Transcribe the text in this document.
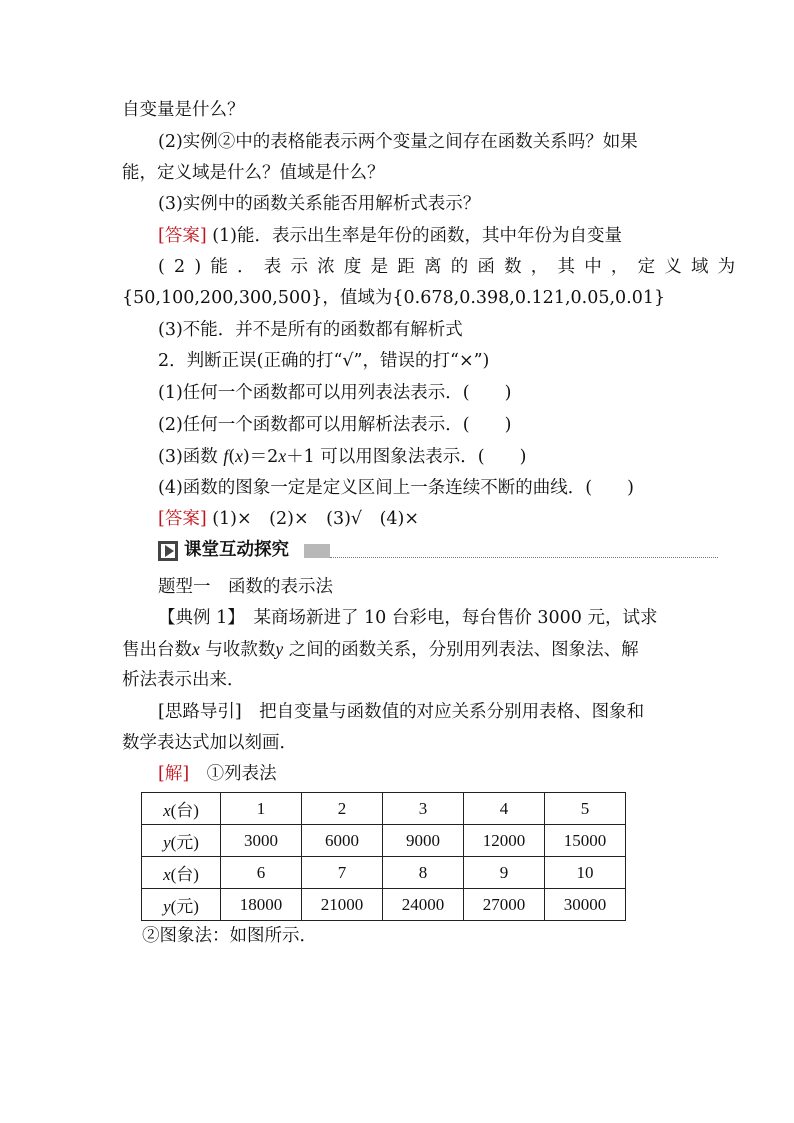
自变量是什么？
(2)实例②中的表格能表示两个变量之间存在函数关系吗？如果
能，定义域是什么？值域是什么？
(3)实例中的函数关系能否用解析式表示？
[答案] (1)能．表示出生率是年份的函数，其中年份为自变量
(2)能．表示浓度是距离的函数，其中，定义域为
{50,100,200,300,500}，值域为{0.678,0.398,0.121,0.05,0.01}
(3)不能．并不是所有的函数都有解析式
2．判断正误(正确的打“√”，错误的打“×”)
(1)任何一个函数都可以用列表法表示．(　　)
(2)任何一个函数都可以用解析法表示．(　　)
(3)函数 f(x)＝2x＋1 可以用图象法表示．(　　)
(4)函数的图象一定是定义区间上一条连续不断的曲线．(　　)
[答案] (1)×　(2)×　(3)√　(4)×
课堂互动探究
题型一　函数的表示法
【典例 1】　某商场新进了 10 台彩电，每台售价 3000 元，试求
售出台数x 与收款数y 之间的函数关系，分别用列表法、图象法、解
析法表示出来．
[思路导引]　把自变量与函数值的对应关系分别用表格、图象和
数学表达式加以刻画．
[解]　①列表法
x(台)	1	2	3	4	5
y(元)	3000	6000	9000	12000	15000
x(台)	6	7	8	9	10
y(元)	18000	21000	24000	27000	30000
②图象法：如图所示．
